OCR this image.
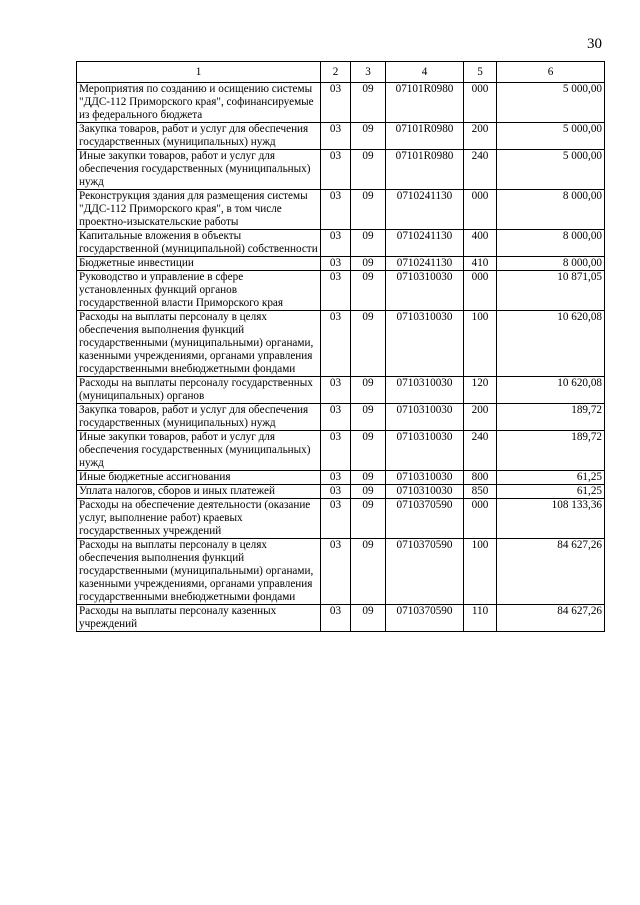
30
1	2	3	4	5	6
Мероприятия по созданию и осищению системы "ДДС-112 Приморского края", софинансируемые из федерального бюджета	03	09	07101R0980	000	5 000,00
Закупка товаров, работ и услуг для обеспечения государственных (муниципальных) нужд	03	09	07101R0980	200	5 000,00
Иные закупки товаров, работ и услуг для обеспечения государственных (муниципальных) нужд	03	09	07101R0980	240	5 000,00
Реконструкция здания для размещения системы "ДДС-112 Приморского края", в том числе проектно-изыскательские работы	03	09	0710241130	000	8 000,00
Капитальные вложения в объекты государственной (муниципальной) собственности	03	09	0710241130	400	8 000,00
Бюджетные инвестиции	03	09	0710241130	410	8 000,00
Руководство и управление в сфере установленных функций органов государственной власти Приморского края	03	09	0710310030	000	10 871,05
Расходы на выплаты персоналу в целях обеспечения выполнения функций государственными (муниципальными) органами, казенными учреждениями, органами управления государственными внебюджетными фондами	03	09	0710310030	100	10 620,08
Расходы на выплаты персоналу государственных (муниципальных) органов	03	09	0710310030	120	10 620,08
Закупка товаров, работ и услуг для обеспечения государственных (муниципальных) нужд	03	09	0710310030	200	189,72
Иные закупки товаров, работ и услуг для обеспечения государственных (муниципальных) нужд	03	09	0710310030	240	189,72
Иные бюджетные ассигнования	03	09	0710310030	800	61,25
Уплата налогов, сборов и иных платежей	03	09	0710310030	850	61,25
Расходы на обеспечение деятельности (оказание услуг, выполнение работ) краевых государственных учреждений	03	09	0710370590	000	108 133,36
Расходы на выплаты персоналу в целях обеспечения выполнения функций государственными (муниципальными) органами, казенными учреждениями, органами управления государственными внебюджетными фондами	03	09	0710370590	100	84 627,26
Расходы на выплаты персоналу казенных учреждений	03	09	0710370590	110	84 627,26
